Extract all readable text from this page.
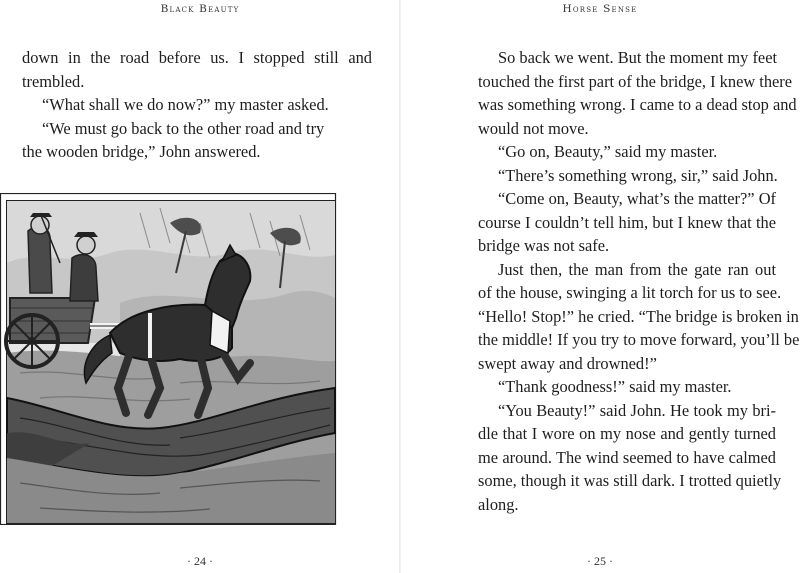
Black Beauty
down in the road before us. I stopped still and
trembled.
“What shall we do now?” my master asked.
“We must go back to the other road and try
the wooden bridge,” John answered.
· 24 ·
Horse Sense
· 25 ·
So back we went. But the moment my feet
touched the first part of the bridge, I knew there
was something wrong. I came to a dead stop and
would not move.
“Go on, Beauty,” said my master.
“There’s something wrong, sir,” said John.
“Come on, Beauty, what’s the matter?” Of
course I couldn’t tell him, but I knew that the
bridge was not safe.
Just then, the man from the gate ran out
of the house, swinging a lit torch for us to see.
“Hello! Stop!” he cried. “The bridge is broken in
the middle! If you try to move forward, you’ll be
swept away and drowned!”
“Thank goodness!” said my master.
“You Beauty!” said John. He took my bri-
dle that I wore on my nose and gently turned
me around. The wind seemed to have calmed
some, though it was still dark. I trotted quietly
along.
